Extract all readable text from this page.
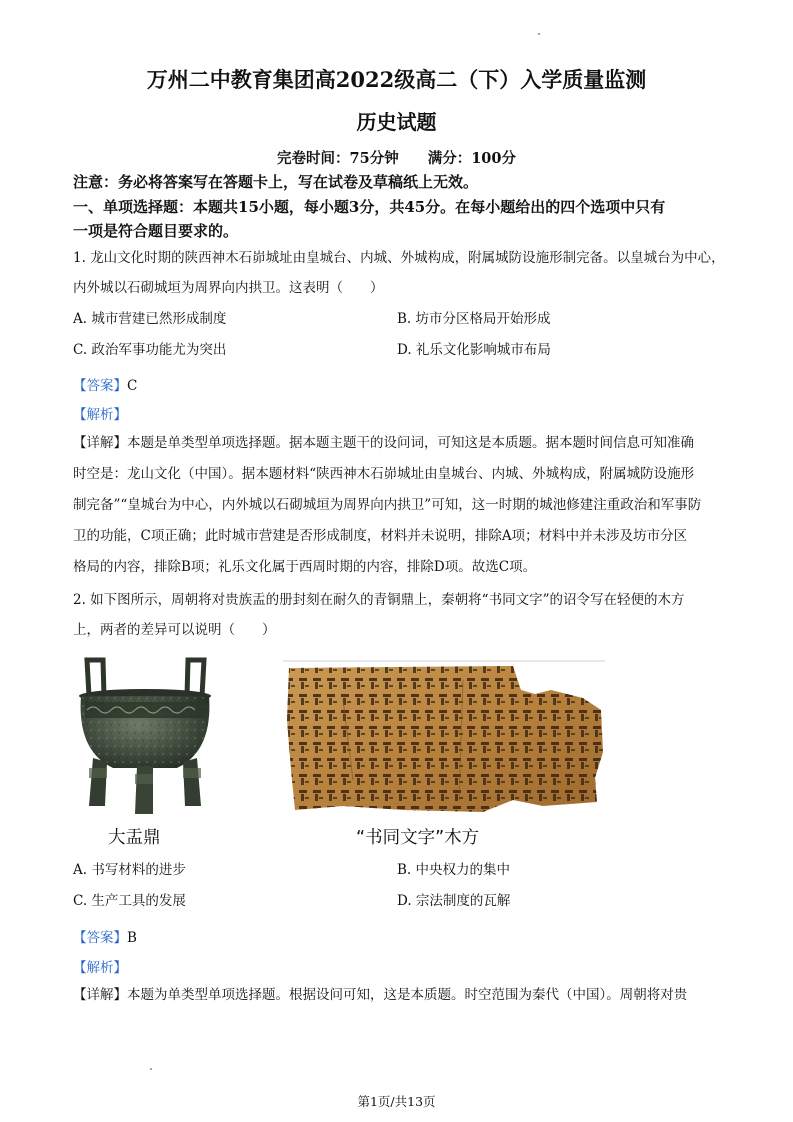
万州二中教育集团高2022级高二（下）入学质量监测
历史试题
完卷时间：75分钟　　满分：100分
注意：务必将答案写在答题卡上，写在试卷及草稿纸上无效。
一、单项选择题：本题共15小题，每小题3分，共45分。在每小题给出的四个选项中只有
一项是符合题目要求的。
1. 龙山文化时期的陕西神木石峁城址由皇城台、内城、外城构成，附属城防设施形制完备。以皇城台为中心，
内外城以石砌城垣为周界向内拱卫。这表明（　　）
A. 城市营建已然形成制度	B. 坊市分区格局开始形成
C. 政治军事功能尤为突出	D. 礼乐文化影响城市布局
【答案】C
【解析】
【详解】本题是单类型单项选择题。据本题主题干的设问词，可知这是本质题。据本题时间信息可知准确
时空是：龙山文化（中国）。据本题材料“陕西神木石峁城址由皇城台、内城、外城构成，附属城防设施形
制完备”“皇城台为中心，内外城以石砌城垣为周界向内拱卫”可知，这一时期的城池修建注重政治和军事防
卫的功能，C项正确；此时城市营建是否形成制度，材料并未说明，排除A项；材料中并未涉及坊市分区
格局的内容，排除B项；礼乐文化属于西周时期的内容，排除D项。故选C项。
2. 如下图所示，周朝将对贵族盂的册封刻在耐久的青铜鼎上，秦朝将“书同文字”的诏令写在轻便的木方
上，两者的差异可以说明（　　）
大盂鼎	“书同文字”木方
A. 书写材料的进步	B. 中央权力的集中
C. 生产工具的发展	D. 宗法制度的瓦解
【答案】B
【解析】
【详解】本题为单类型单项选择题。根据设问可知，这是本质题。时空范围为秦代（中国）。周朝将对贵
第1页/共13页
